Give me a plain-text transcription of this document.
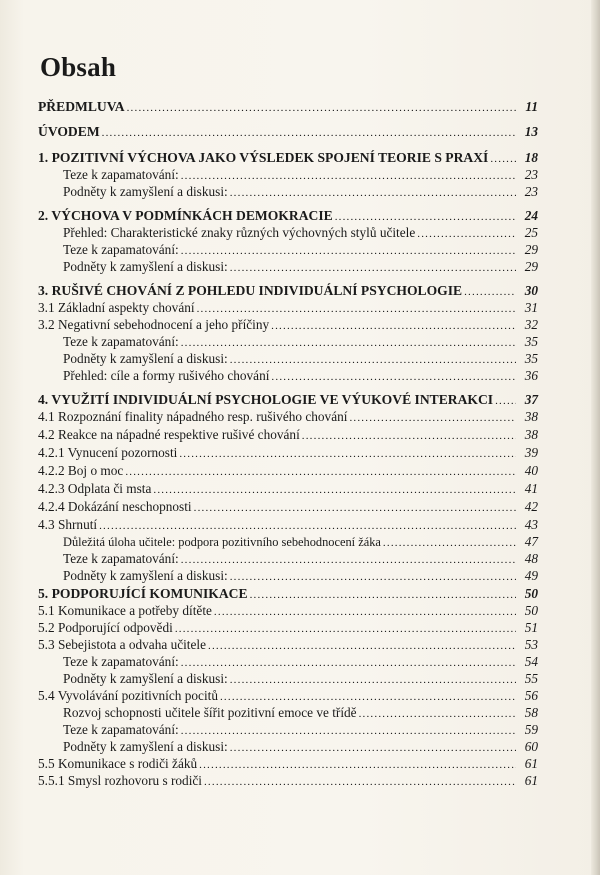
Obsah
PŘEDMLUVA .....	11
ÚVODEM .....	13
1. POZITIVNÍ VÝCHOVA JAKO VÝSLEDEK SPOJENÍ TEORIE S PRAXÍ .....	18
Teze k zapamatování: .....	23
Podněty k zamyšlení a diskusi: .....	23
2. VÝCHOVA V PODMÍNKÁCH DEMOKRACIE .....	24
Přehled: Charakteristické znaky různých výchovných stylů učitele .....	25
Teze k zapamatování: .....	29
Podněty k zamyšlení a diskusi: .....	29
3. RUŠIVÉ CHOVÁNÍ Z POHLEDU INDIVIDUÁLNÍ PSYCHOLOGIE .....	30
3.1 Základní aspekty chování .....	31
3.2 Negativní sebehodnocení a jeho příčiny .....	32
Teze k zapamatování: .....	35
Podněty k zamyšlení a diskusi: .....	35
Přehled: cíle a formy rušivého chování .....	36
4. VYUŽITÍ INDIVIDUÁLNÍ PSYCHOLOGIE VE VÝUKOVÉ INTERAKCI .....	37
4.1 Rozpoznání finality nápadného resp. rušivého chování .....	38
4.2 Reakce na nápadné respektive rušivé chování .....	38
4.2.1 Vynucení pozornosti .....	39
4.2.2 Boj o moc .....	40
4.2.3 Odplata či msta .....	41
4.2.4 Dokázání neschopnosti .....	42
4.3 Shrnutí .....	43
Důležitá úloha učitele: podpora pozitivního sebehodnocení žáka .....	47
Teze k zapamatování: .....	48
Podněty k zamyšlení a diskusi: .....	49
5. PODPORUJÍCÍ KOMUNIKACE .....	50
5.1 Komunikace a potřeby dítěte .....	50
5.2 Podporující odpovědi .....	51
5.3 Sebejistota a odvaha učitele .....	53
Teze k zapamatování: .....	54
Podněty k zamyšlení a diskusi: .....	55
5.4 Vyvolávání pozitivních pocitů .....	56
Rozvoj schopnosti učitele šířit pozitivní emoce ve třídě .....	58
Teze k zapamatování: .....	59
Podněty k zamyšlení a diskusi: .....	60
5.5 Komunikace s rodiči žáků .....	61
5.5.1 Smysl rozhovoru s rodiči .....	61
